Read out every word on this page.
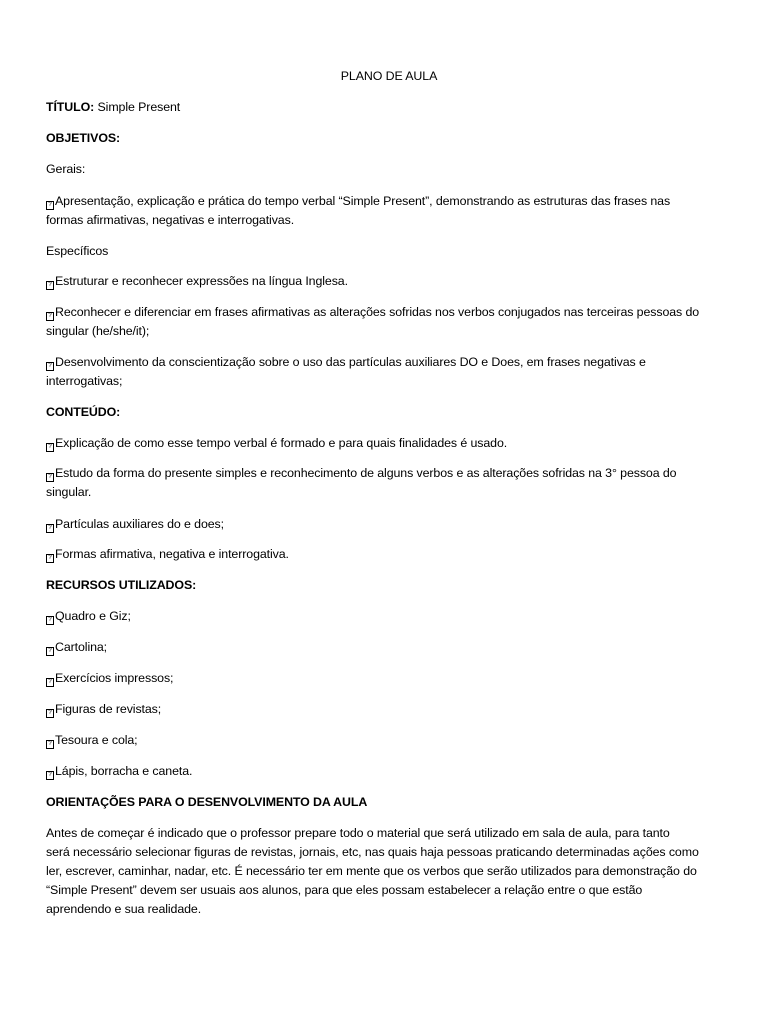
PLANO DE AULA
TÍTULO: Simple Present
OBJETIVOS:
Gerais:
?Apresentação, explicação e prática do tempo verbal “Simple Present”, demonstrando as estruturas das frases nas
formas afirmativas, negativas e interrogativas.
Específicos
?Estruturar e reconhecer expressões na língua Inglesa.
?Reconhecer e diferenciar em frases afirmativas as alterações sofridas nos verbos conjugados nas terceiras pessoas do
singular (he/she/it);
?Desenvolvimento da conscientização sobre o uso das partículas auxiliares DO e Does, em frases negativas e
interrogativas;
CONTEÚDO:
?Explicação de como esse tempo verbal é formado e para quais finalidades é usado.
?Estudo da forma do presente simples e reconhecimento de alguns verbos e as alterações sofridas na 3° pessoa do
singular.
?Partículas auxiliares do e does;
?Formas afirmativa, negativa e interrogativa.
RECURSOS UTILIZADOS:
?Quadro e Giz;
?Cartolina;
?Exercícios impressos;
?Figuras de revistas;
?Tesoura e cola;
?Lápis, borracha e caneta.
ORIENTAÇÕES PARA O DESENVOLVIMENTO DA AULA
Antes de começar é indicado que o professor prepare todo o material que será utilizado em sala de aula, para tanto
será necessário selecionar figuras de revistas, jornais, etc, nas quais haja pessoas praticando determinadas ações como
ler, escrever, caminhar, nadar, etc. É necessário ter em mente que os verbos que serão utilizados para demonstração do
“Simple Present” devem ser usuais aos alunos, para que eles possam estabelecer a relação entre o que estão
aprendendo e sua realidade.
